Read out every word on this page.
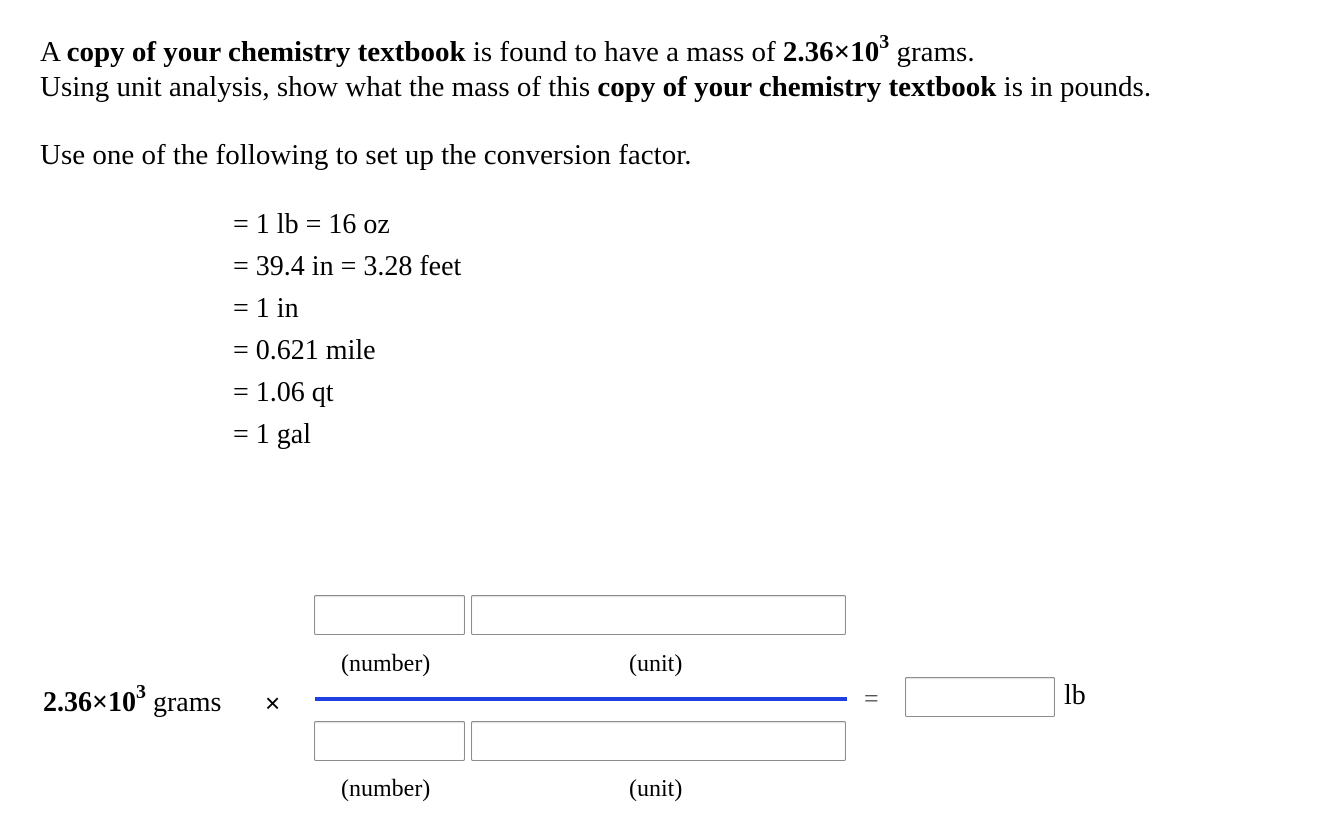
A copy of your chemistry textbook is found to have a mass of $2.36\times 10^3$ grams.
Using unit analysis, show what the mass of this copy of your chemistry textbook is in pounds.
Use one of the following to set up the conversion factor.
= 1 lb = 16 oz
= 39.4 in = 3.28 feet
= 1 in
= 0.621 mile
= 1.06 qt
= 1 gal
$2.36\times 10^3$ grams ×
(number)	(unit)
(number)	(unit)
=	lb
